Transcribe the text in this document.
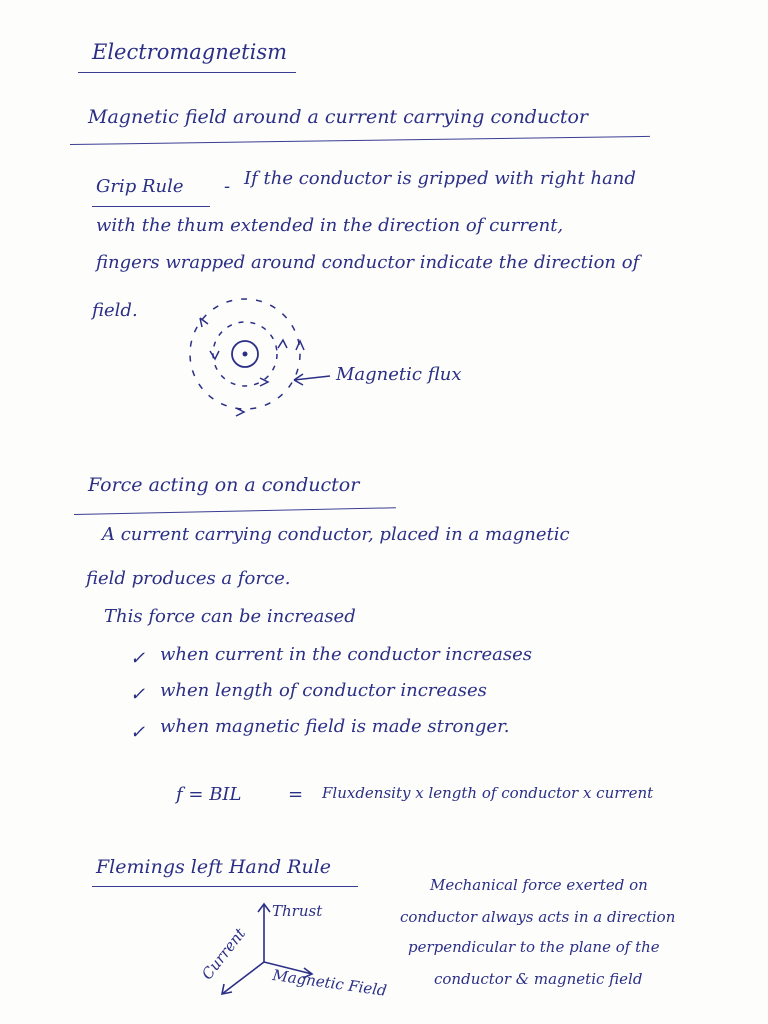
Electromagnetism
Magnetic field around a current carrying conductor
Grip Rule - If the conductor is gripped with right hand
with the thum extended in the direction of current,
fingers wrapped around conductor indicate the direction of
field.
Magnetic flux
Force acting on a conductor
A current carrying conductor, placed in a magnetic
field produces a force.
This force can be increased
✓ when current in the conductor increases
✓ when length of conductor increases
✓ when magnetic field is made stronger.
f = BIL	= Fluxdensity x length of conductor x current
Flemings left Hand Rule
Thrust
Current Magnetic Field
Mechanical force exerted on
conductor always acts in a direction
perpendicular to the plane of the
conductor & magnetic field
